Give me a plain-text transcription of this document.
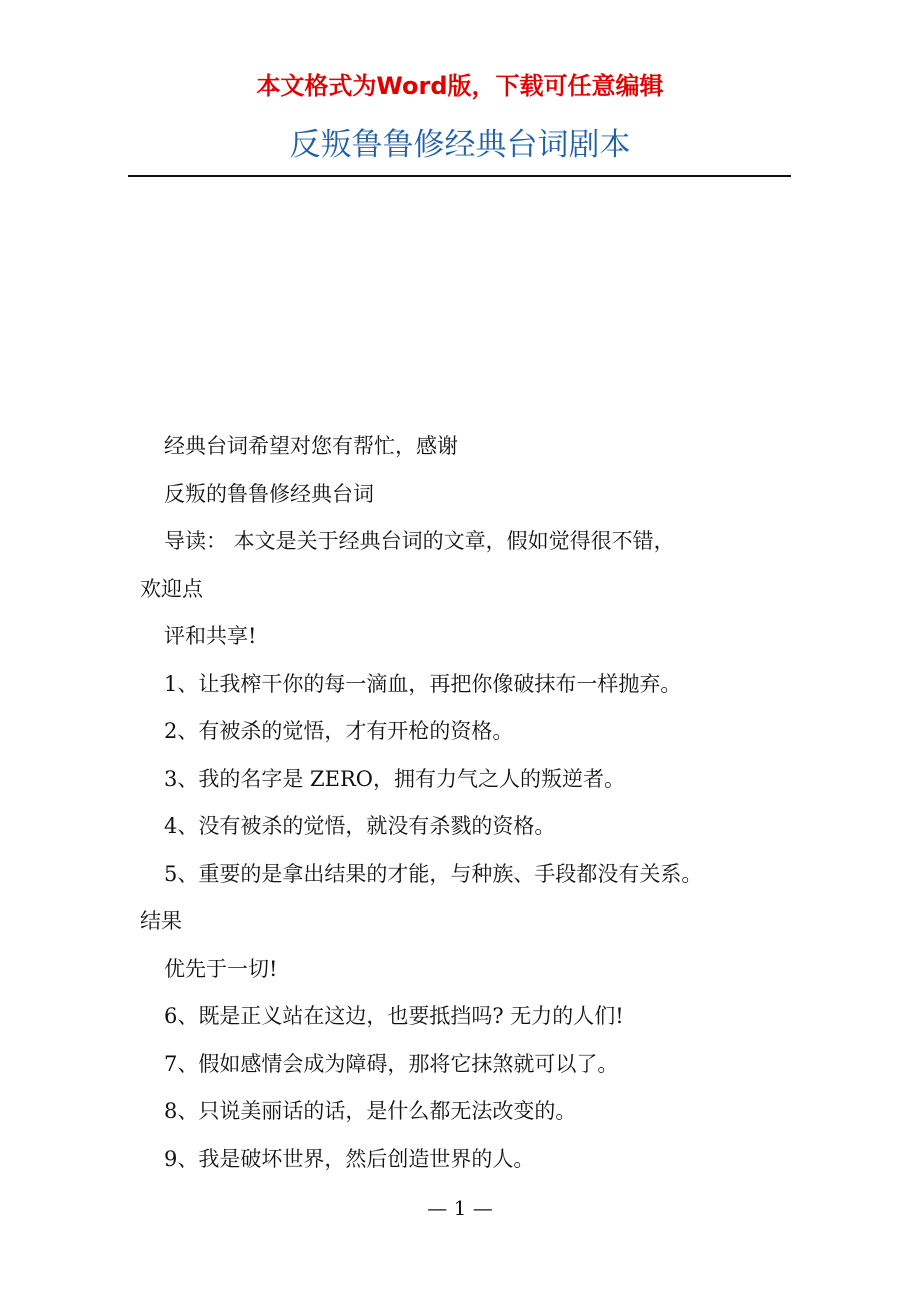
本文格式为Word版，下载可任意编辑
反叛鲁鲁修经典台词剧本

经典台词希望对您有帮忙，感谢

反叛的鲁鲁修经典台词

导读： 本文是关于经典台词的文章，假如觉得很不错，

欢迎点

评和共享!

1、让我榨干你的每一滴血，再把你像破抹布一样抛弃。

2、有被杀的觉悟，才有开枪的资格。

3、我的名字是 ZERO，拥有力气之人的叛逆者。

4、没有被杀的觉悟，就没有杀戮的资格。

5、重要的是拿出结果的才能，与种族、手段都没有关系。

结果

优先于一切!

6、既是正义站在这边，也要抵挡吗? 无力的人们!

7、假如感情会成为障碍，那将它抹煞就可以了。

8、只说美丽话的话，是什么都无法改变的。

9、我是破坏世界，然后创造世界的人。

— 1 —
